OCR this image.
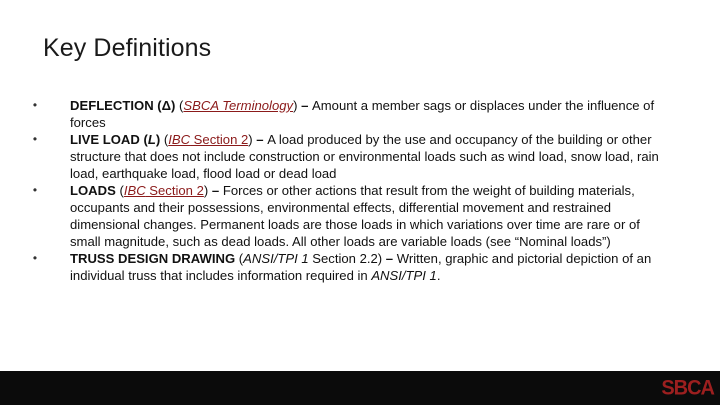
Key Definitions
•	DEFLECTION (Δ) (SBCA Terminology) – Amount a member sags or displaces under the influence of forces
•	LIVE LOAD (L) (IBC Section 2) – A load produced by the use and occupancy of the building or other structure that does not include construction or environmental loads such as wind load, snow load, rain load, earthquake load, flood load or dead load
•	LOADS (IBC Section 2) – Forces or other actions that result from the weight of building materials, occupants and their possessions, environmental effects, differential movement and restrained dimensional changes. Permanent loads are those loads in which variations over time are rare or of small magnitude, such as dead loads. All other loads are variable loads (see “Nominal loads”)
•	TRUSS DESIGN DRAWING (ANSI/TPI 1 Section 2.2) – Written, graphic and pictorial depiction of an individual truss that includes information required in ANSI/TPI 1.
SBCA
